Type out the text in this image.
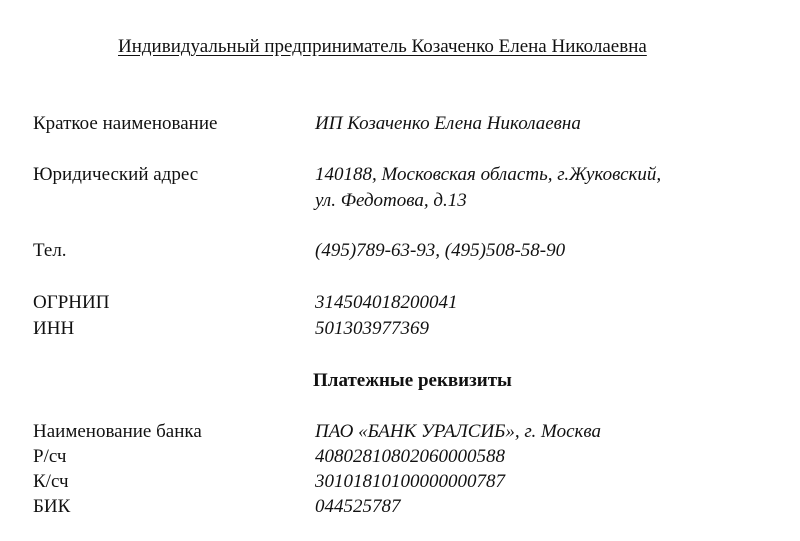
Индивидуальный предприниматель Козаченко Елена Николаевна
Краткое наименование	ИП Козаченко Елена Николаевна
Юридический адрес	140188, Московская область, г.Жуковский,
ул. Федотова, д.13
Тел.	(495)789-63-93, (495)508-58-90
ОГРНИП	314504018200041
ИНН	501303977369
Платежные реквизиты
Наименование банка	ПАО «БАНК УРАЛСИБ», г. Москва
Р/сч	40802810802060000588
К/сч	30101810100000000787
БИК	044525787
